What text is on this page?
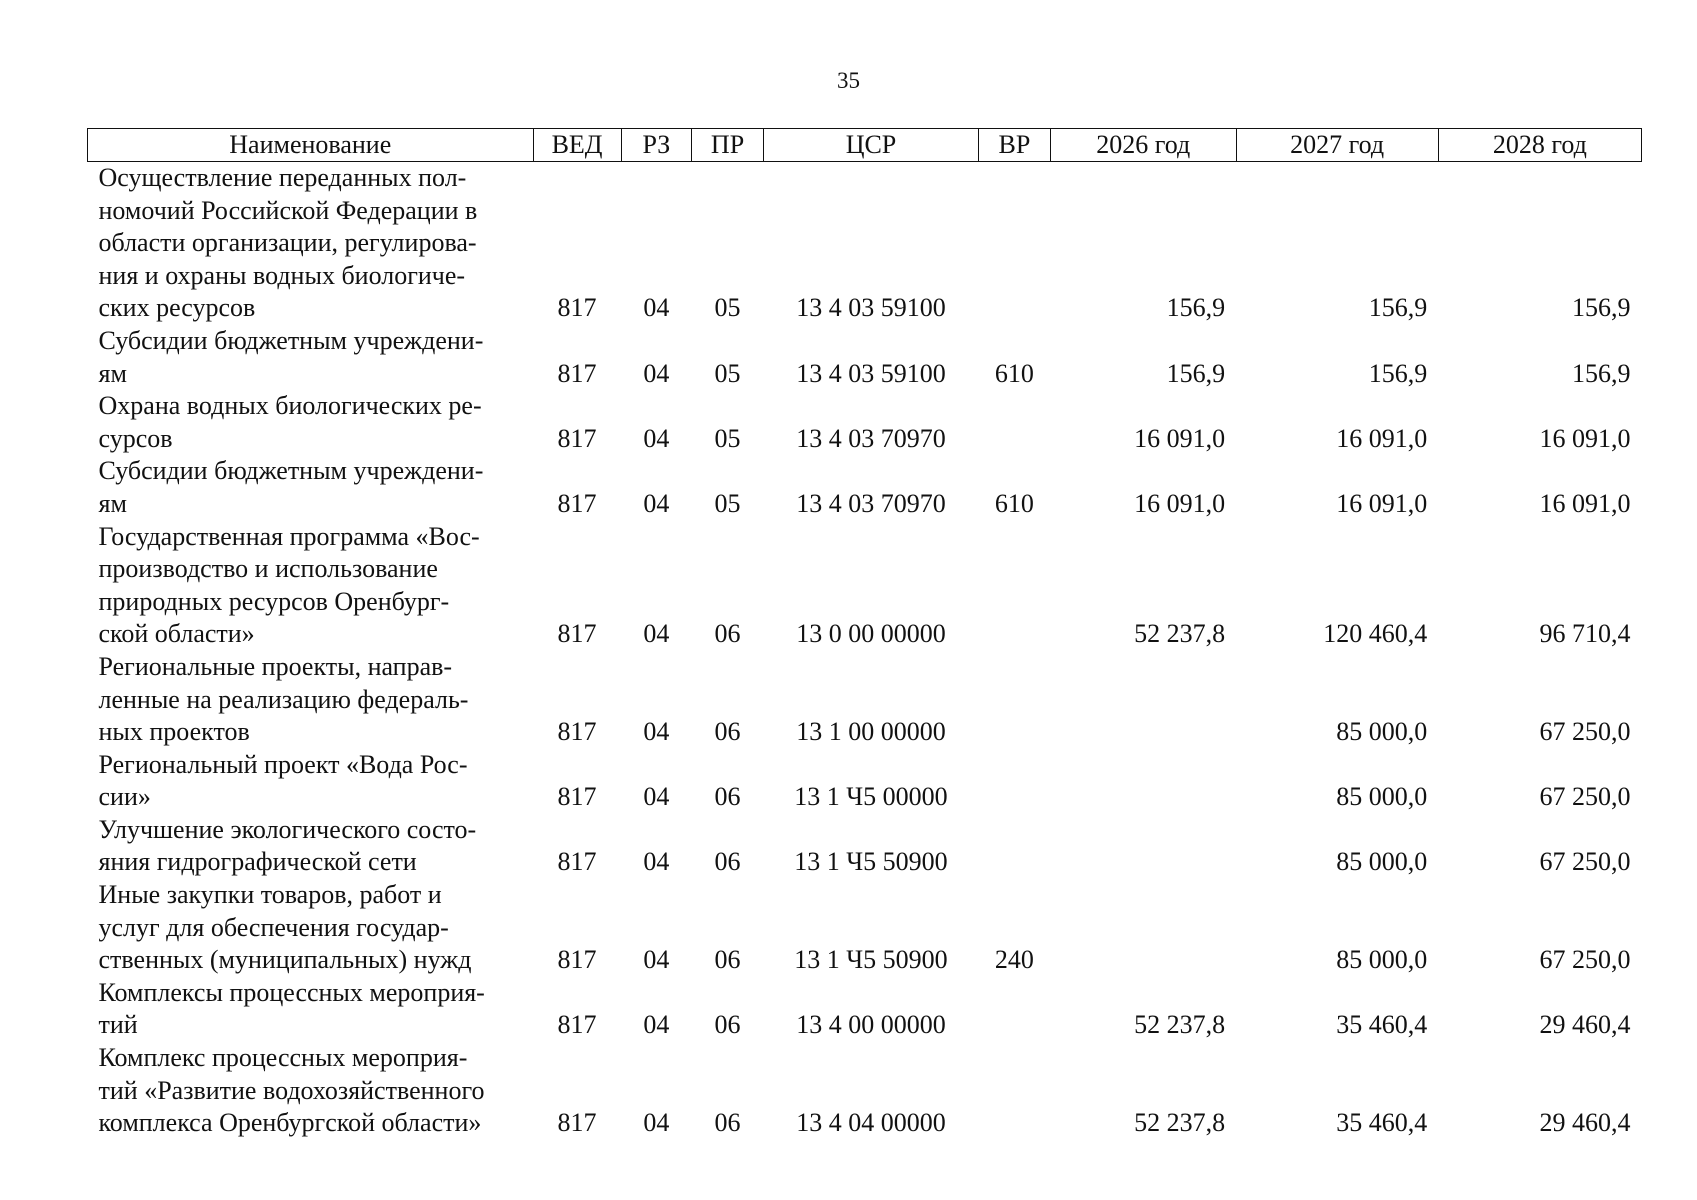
35
Наименование	ВЕД	РЗ	ПР	ЦСР	ВР	2026 год	2027 год	2028 год

Осуществление переданных пол-
номочий Российской Федерации в
области организации, регулирова-
ния и охраны водных биологиче-
ских ресурсов	817	04	05	13 4 03 59100		156,9	156,9	156,9

Субсидии бюджетным учреждени-
ям	817	04	05	13 4 03 59100	610	156,9	156,9	156,9

Охрана водных биологических ре-
сурсов	817	04	05	13 4 03 70970		16 091,0	16 091,0	16 091,0

Субсидии бюджетным учреждени-
ям	817	04	05	13 4 03 70970	610	16 091,0	16 091,0	16 091,0

Государственная программа «Вос-
производство и использование
природных ресурсов Оренбург-
ской области»	817	04	06	13 0 00 00000		52 237,8	120 460,4	96 710,4

Региональные проекты, направ-
ленные на реализацию федераль-
ных проектов	817	04	06	13 1 00 00000			85 000,0	67 250,0

Региональный проект «Вода Рос-
сии»	817	04	06	13 1 Ч5 00000			85 000,0	67 250,0

Улучшение экологического состо-
яния гидрографической сети	817	04	06	13 1 Ч5 50900			85 000,0	67 250,0

Иные закупки товаров, работ и
услуг для обеспечения государ-
ственных (муниципальных) нужд	817	04	06	13 1 Ч5 50900	240		85 000,0	67 250,0

Комплексы процессных мероприя-
тий	817	04	06	13 4 00 00000		52 237,8	35 460,4	29 460,4

Комплекс процессных мероприя-
тий «Развитие водохозяйственного
комплекса Оренбургской области»	817	04	06	13 4 04 00000		52 237,8	35 460,4	29 460,4
